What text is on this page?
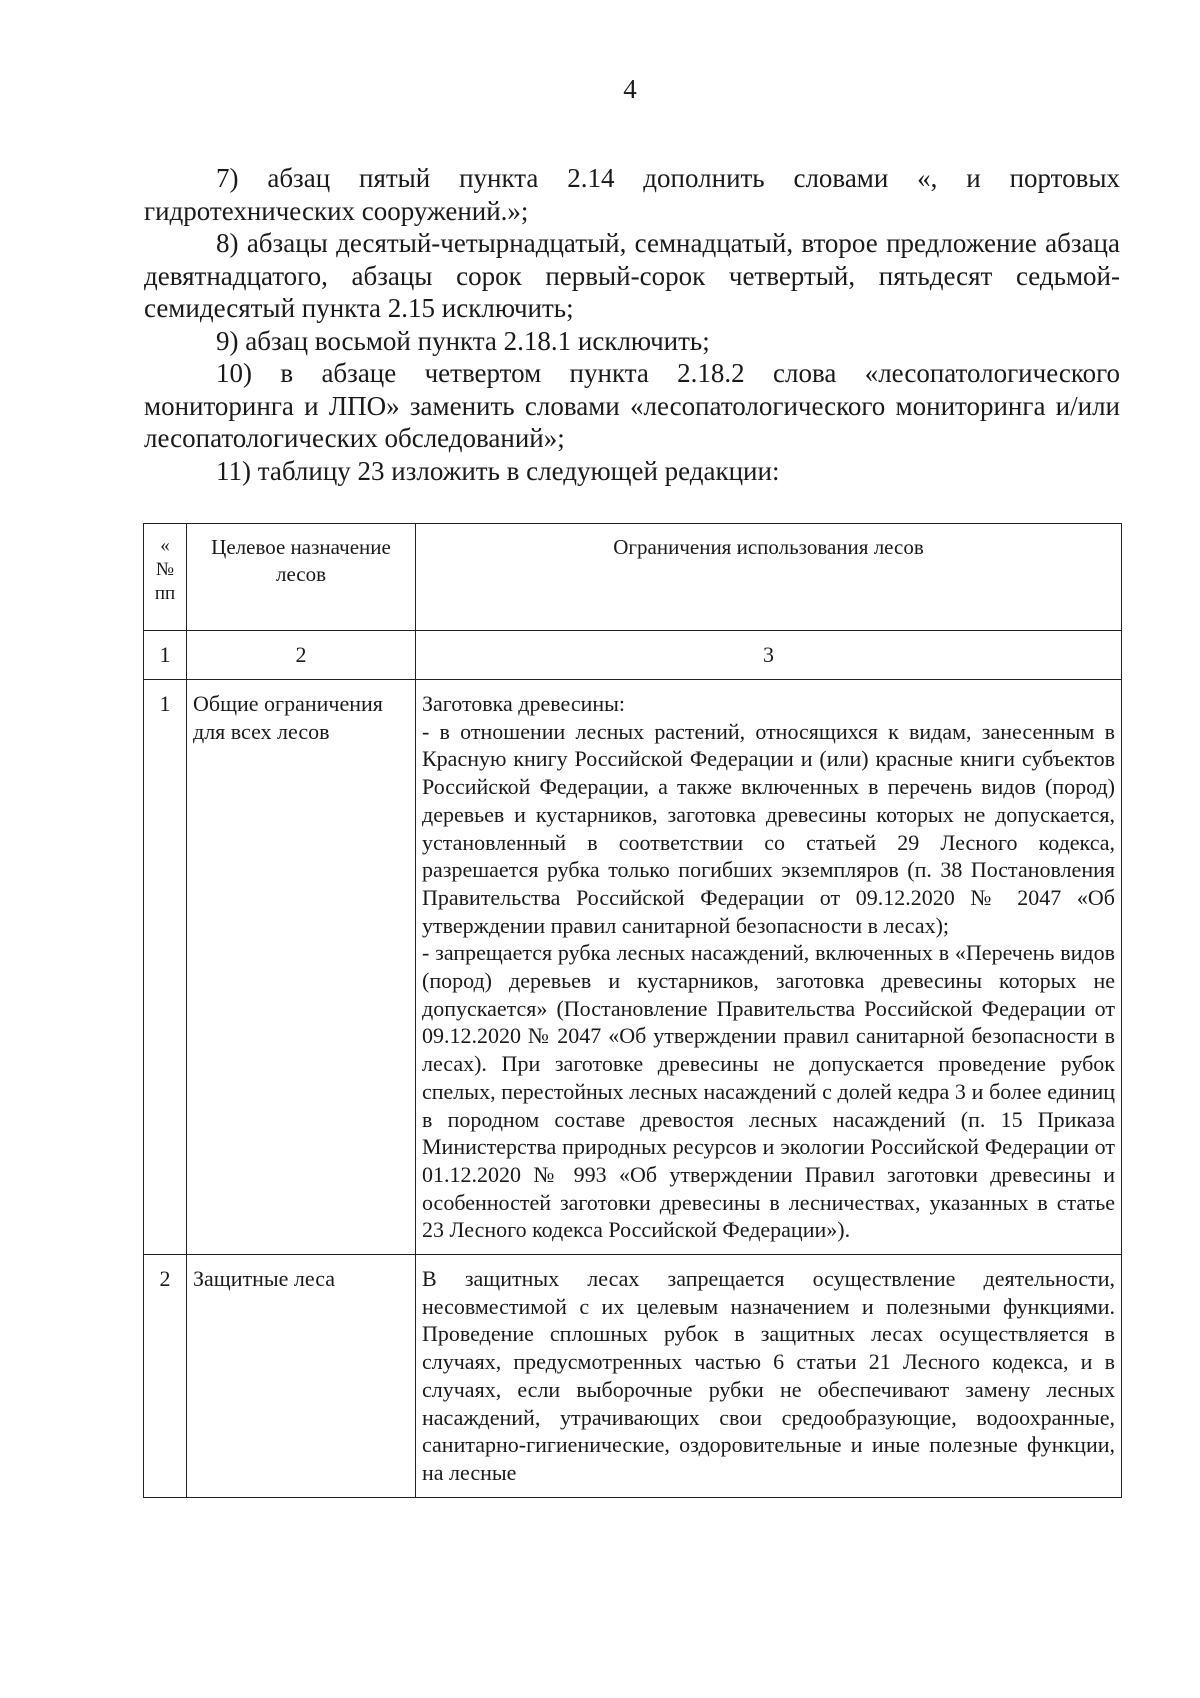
4

7) абзац пятый пункта 2.14 дополнить словами «, и портовых гидротехнических сооружений.»;

8) абзацы десятый-четырнадцатый, семнадцатый, второе предложение абзаца девятнадцатого, абзацы сорок первый-сорок четвертый, пятьдесят седьмой-семидесятый пункта 2.15 исключить;

9) абзац восьмой пункта 2.18.1 исключить;

10) в абзаце четвертом пункта 2.18.2 слова «лесопатологического мониторинга и ЛПО» заменить словами «лесопатологического мониторинга и/или лесопатологических обследований»;

11) таблицу 23 изложить в следующей редакции:

« № пп	Целевое назначение лесов	Ограничения использования лесов
1	2	3
1	Общие ограничения для всех лесов	Заготовка древесины:

- в отношении лесных растений, относящихся к видам, занесенным в Красную книгу Российской Федерации и (или) красные книги субъектов Российской Федерации, а также включенных в перечень видов (пород) деревьев и кустарников, заготовка древесины которых не допускается, установленный в соответствии со статьей 29 Лесного кодекса, разрешается рубка только погибших экземпляров (п. 38 Постановления Правительства Российской Федерации от 09.12.2020 № 2047 «Об утверждении правил санитарной безопасности в лесах);

- запрещается рубка лесных насаждений, включенных в «Перечень видов (пород) деревьев и кустарников, заготовка древесины которых не допускается» (Постановление Правительства Российской Федерации от 09.12.2020 № 2047 «Об утверждении правил санитарной безопасности в лесах). При заготовке древесины не допускается проведение рубок спелых, перестойных лесных насаждений с долей кедра 3 и более единиц в породном составе древостоя лесных насаждений (п. 15 Приказа Министерства природных ресурсов и экологии Российской Федерации от 01.12.2020 № 993 «Об утверждении Правил заготовки древесины и особенностей заготовки древесины в лесничествах, указанных в статье 23 Лесного кодекса Российской Федерации»).

2	Защитные леса	В защитных лесах запрещается осуществление деятельности, несовместимой с их целевым назначением и полезными функциями. Проведение сплошных рубок в защитных лесах осуществляется в случаях, предусмотренных частью 6 статьи 21 Лесного кодекса, и в случаях, если выборочные рубки не обеспечивают замену лесных насаждений, утрачивающих свои средообразующие, водоохранные, санитарно-гигиенические, оздоровительные и иные полезные функции, на лесные
